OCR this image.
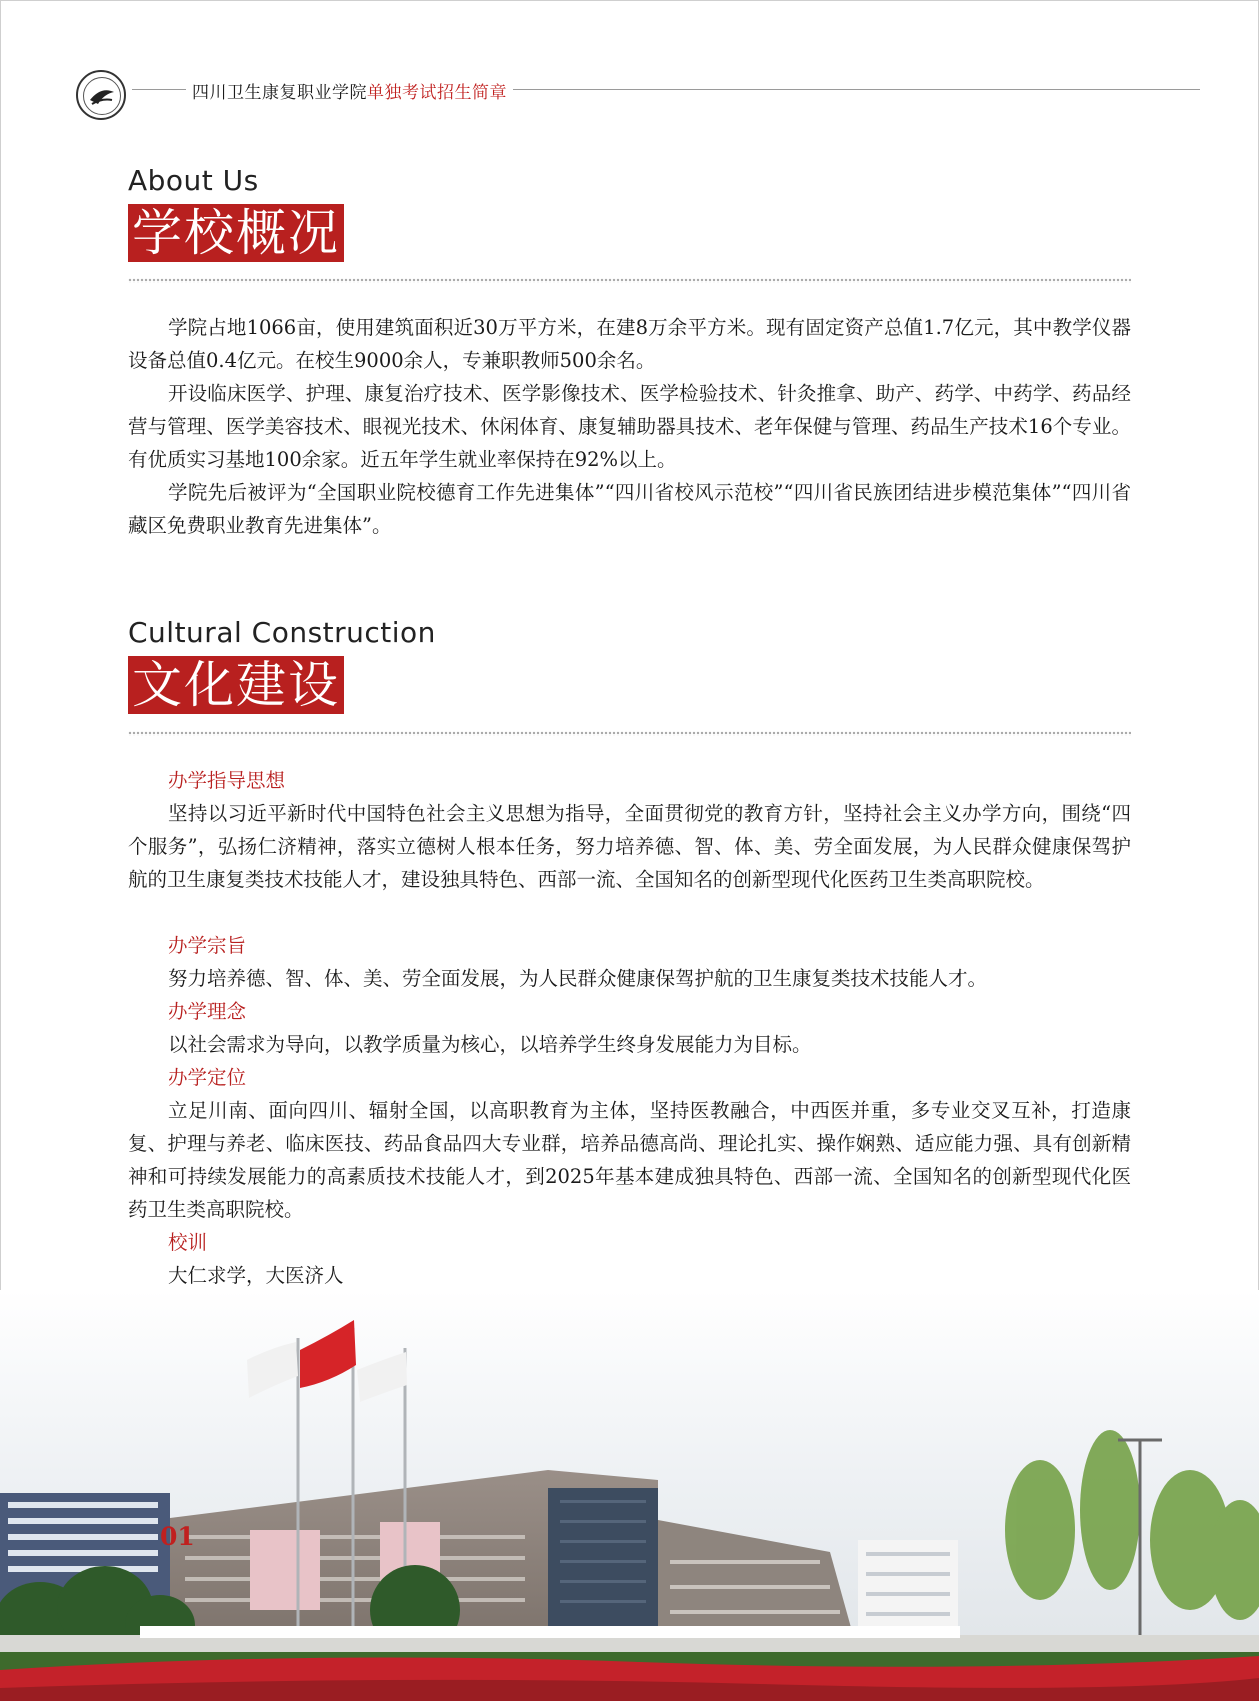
四川卫生康复职业学院单独考试招生简章
About Us
学校概况
学院占地1066亩，使用建筑面积近30万平方米，在建8万余平方米。现有固定资产总值1.7亿元，其中教学仪器设备总值0.4亿元。在校生9000余人，专兼职教师500余名。
开设临床医学、护理、康复治疗技术、医学影像技术、医学检验技术、针灸推拿、助产、药学、中药学、药品经营与管理、医学美容技术、眼视光技术、休闲体育、康复辅助器具技术、老年保健与管理、药品生产技术16个专业。有优质实习基地100余家。近五年学生就业率保持在92%以上。
学院先后被评为“全国职业院校德育工作先进集体”“四川省校风示范校”“四川省民族团结进步模范集体”“四川省藏区免费职业教育先进集体”。
Cultural Construction
文化建设
办学指导思想
坚持以习近平新时代中国特色社会主义思想为指导，全面贯彻党的教育方针，坚持社会主义办学方向，围绕“四个服务”，弘扬仁济精神，落实立德树人根本任务，努力培养德、智、体、美、劳全面发展，为人民群众健康保驾护航的卫生康复类技术技能人才，建设独具特色、西部一流、全国知名的创新型现代化医药卫生类高职院校。
办学宗旨
努力培养德、智、体、美、劳全面发展，为人民群众健康保驾护航的卫生康复类技术技能人才。
办学理念
以社会需求为导向，以教学质量为核心，以培养学生终身发展能力为目标。
办学定位
立足川南、面向四川、辐射全国，以高职教育为主体，坚持医教融合，中西医并重，多专业交叉互补，打造康复、护理与养老、临床医技、药品食品四大专业群，培养品德高尚、理论扎实、操作娴熟、适应能力强、具有创新精神和可持续发展能力的高素质技术技能人才，到2025年基本建成独具特色、西部一流、全国知名的创新型现代化医药卫生类高职院校。
校训
大仁求学，大医济人
01
